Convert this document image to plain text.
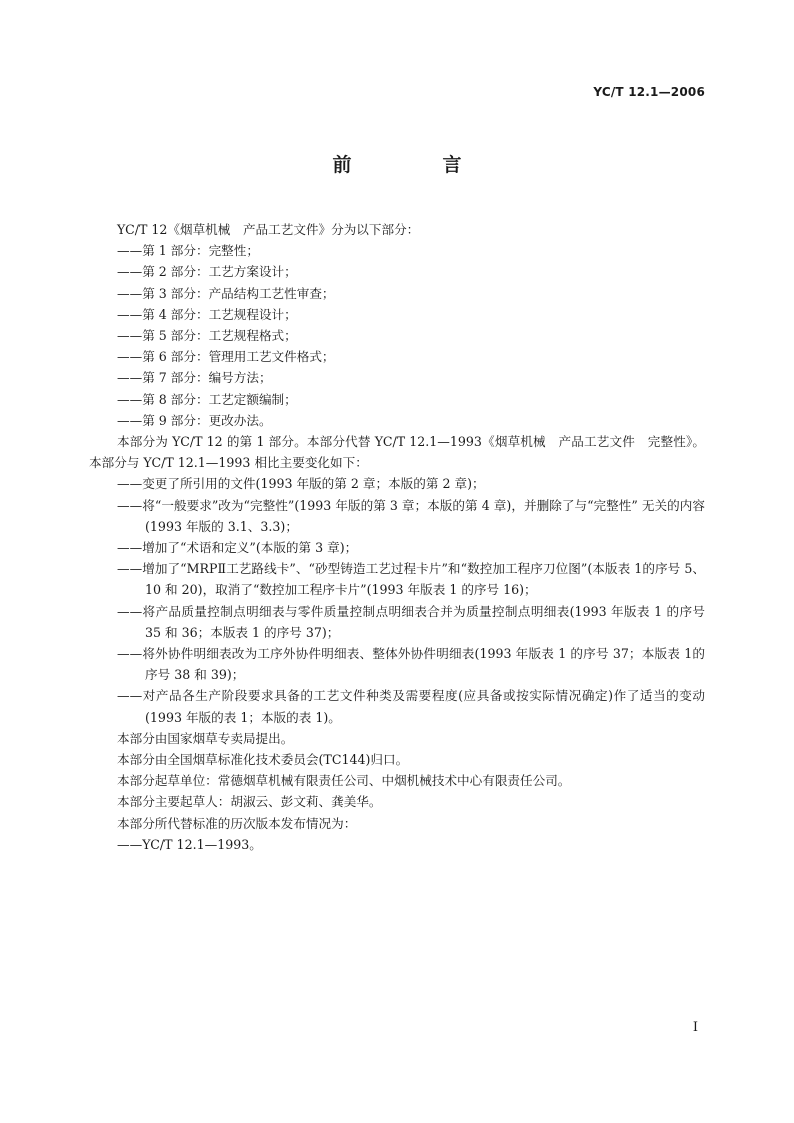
YC/T 12.1—2006
前　言

YC/T 12《烟草机械　产品工艺文件》分为以下部分：

——第 1 部分：完整性；

——第 2 部分：工艺方案设计；

——第 3 部分：产品结构工艺性审查；

——第 4 部分：工艺规程设计；

——第 5 部分：工艺规程格式；

——第 6 部分：管理用工艺文件格式；

——第 7 部分：编号方法；

——第 8 部分：工艺定额编制；

——第 9 部分：更改办法。

本部分为 YC/T 12 的第 1 部分。本部分代替 YC/T 12.1—1993《烟草机械　产品工艺文件　完整性》。本部分与 YC/T 12.1—1993 相比主要变化如下：

——变更了所引用的文件(1993 年版的第 2 章；本版的第 2 章)；

——将“一般要求”改为“完整性”(1993 年版的第 3 章；本版的第 4 章)，并删除了与“完整性” 无关的内容(1993 年版的 3.1、3.3)；

——增加了“术语和定义”(本版的第 3 章)；

——增加了“MRPⅡ工艺路线卡”、“砂型铸造工艺过程卡片”和“数控加工程序刀位图”(本版表 1的序号 5、10 和 20)，取消了“数控加工程序卡片”(1993 年版表 1 的序号 16)；

——将产品质量控制点明细表与零件质量控制点明细表合并为质量控制点明细表(1993 年版表 1 的序号 35 和 36；本版表 1 的序号 37)；

——将外协件明细表改为工序外协件明细表、整体外协件明细表(1993 年版表 1 的序号 37；本版表 1的序号 38 和 39)；

——对产品各生产阶段要求具备的工艺文件种类及需要程度(应具备或按实际情况确定)作了适当的变动(1993 年版的表 1；本版的表 1)。

本部分由国家烟草专卖局提出。

本部分由全国烟草标准化技术委员会(TC144)归口。

本部分起草单位：常德烟草机械有限责任公司、中烟机械技术中心有限责任公司。

本部分主要起草人：胡淑云、彭文莉、龚美华。

本部分所代替标准的历次版本发布情况为：

——YC/T 12.1—1993。

I
